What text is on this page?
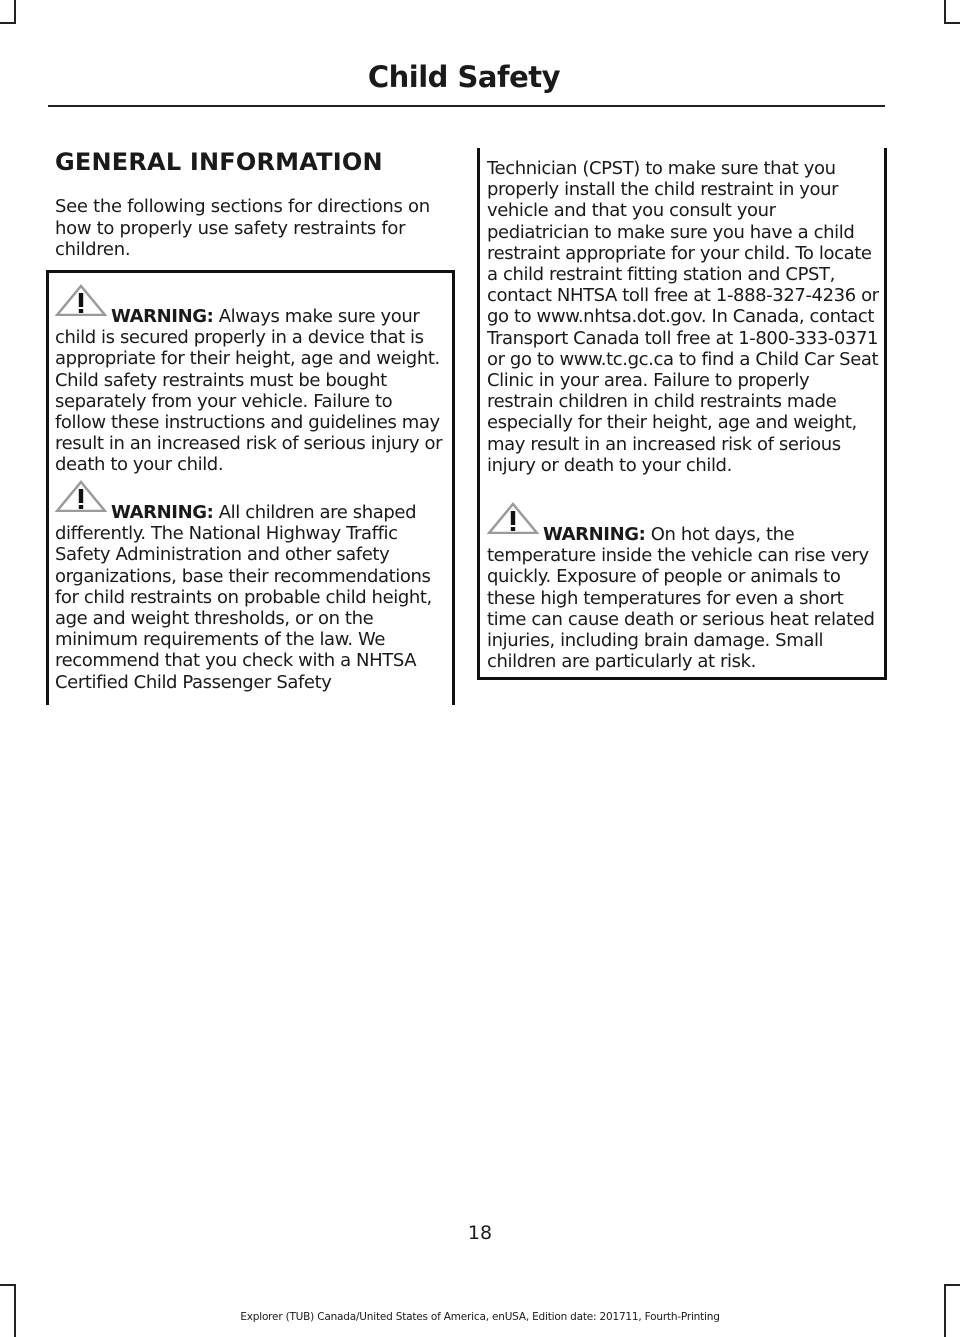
Child Safety
GENERAL INFORMATION
See the following sections for directions on how to properly use safety restraints for children.
WARNING: Always make sure your child is secured properly in a device that is appropriate for their height, age and weight. Child safety restraints must be bought separately from your vehicle. Failure to follow these instructions and guidelines may result in an increased risk of serious injury or death to your child.
WARNING: All children are shaped differently. The National Highway Traffic Safety Administration and other safety organizations, base their recommendations for child restraints on probable child height, age and weight thresholds, or on the minimum requirements of the law. We recommend that you check with a NHTSA Certified Child Passenger Safety
Technician (CPST) to make sure that you properly install the child restraint in your vehicle and that you consult your pediatrician to make sure you have a child restraint appropriate for your child. To locate a child restraint fitting station and CPST, contact NHTSA toll free at 1-888-327-4236 or go to www.nhtsa.dot.gov. In Canada, contact Transport Canada toll free at 1-800-333-0371 or go to www.tc.gc.ca to find a Child Car Seat Clinic in your area. Failure to properly restrain children in child restraints made especially for their height, age and weight, may result in an increased risk of serious injury or death to your child.
WARNING: On hot days, the temperature inside the vehicle can rise very quickly. Exposure of people or animals to these high temperatures for even a short time can cause death or serious heat related injuries, including brain damage. Small children are particularly at risk.
18
Explorer (TUB) Canada/United States of America, enUSA, Edition date: 201711, Fourth-Printing
